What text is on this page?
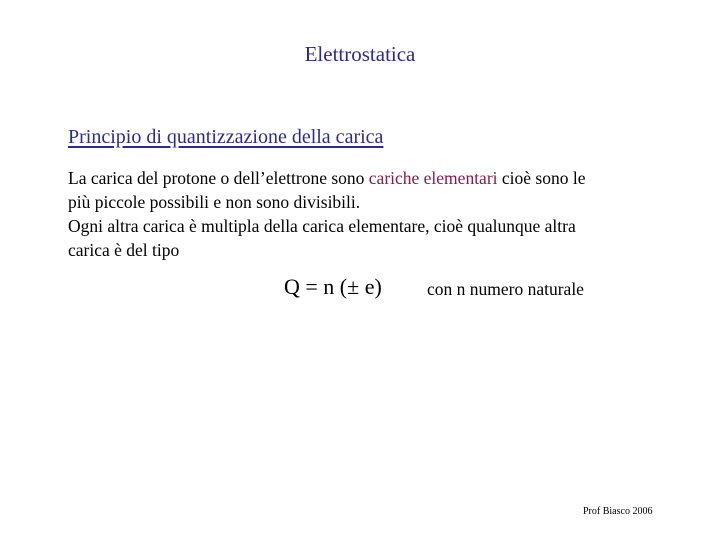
Elettrostatica
Principio di quantizzazione della carica
La carica del protone o dell’elettrone sono cariche elementari cioè sono le
più piccole possibili e non sono divisibili.
Ogni altra carica è multipla della carica elementare, cioè qualunque altra
carica è del tipo
Q = n (± e)	con n numero naturale
Prof Biasco 2006
